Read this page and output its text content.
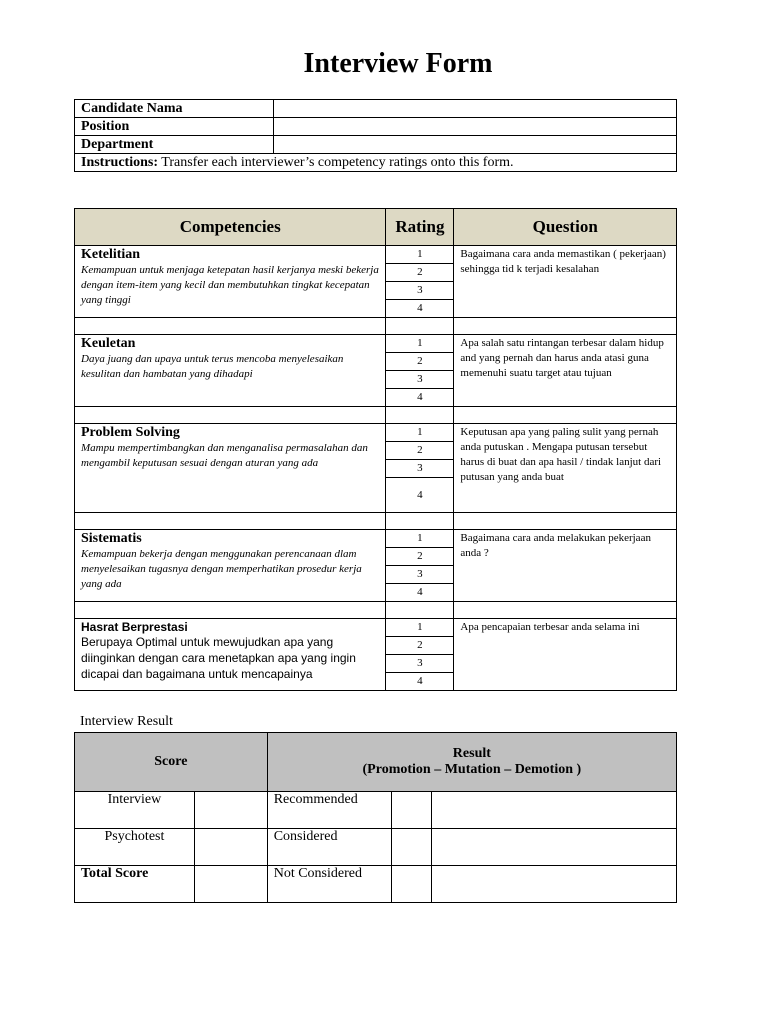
Interview Form
Candidate Nama	
Position	
Department	
Instructions: Transfer each interviewer’s competency ratings onto this form.	
Competencies	Rating	Question

Ketelitian
Kemampuan untuk menjaga ketepatan hasil kerjanya meski bekerja dengan item-item yang kecil dan membutuhkan tingkat kecepatan yang tinggi	1	Bagaimana cara anda memastikan ( pekerjaan) sehingga tid k terjadi kesalahan
	2	
	3	
	4	

Keuletan
Daya juang dan upaya untuk terus mencoba menyelesaikan kesulitan dan hambatan yang dihadapi	1	Apa salah satu rintangan terbesar dalam hidup and yang pernah dan harus anda atasi guna memenuhi suatu target atau tujuan
	2	
	3	
	4	

Problem Solving
Mampu mempertimbangkan dan menganalisa permasalahan dan mengambil keputusan sesuai dengan aturan yang ada	1	Keputusan apa yang paling sulit yang pernah anda putuskan . Mengapa putusan tersebut harus di buat dan apa hasil / tindak lanjut dari putusan yang anda buat
	2	
	3	
	4	

Sistematis
Kemampuan bekerja dengan menggunakan perencanaan dlam menyelesaikan tugasnya dengan memperhatikan prosedur kerja yang ada	1	Bagaimana cara anda melakukan pekerjaan anda ?
	2	
	3	
	4	

Hasrat Berprestasi
Berupaya Optimal untuk mewujudkan apa yang diinginkan dengan cara menetapkan apa yang ingin dicapai dan bagaimana untuk mencapainya	1	Apa pencapaian terbesar anda selama ini
	2	
	3	
	4	
Interview Result
Score		Result
(Promotion – Mutation – Demotion )		

Interview		Recommended		
Psychotest		Considered		
Total Score		Not Considered		
